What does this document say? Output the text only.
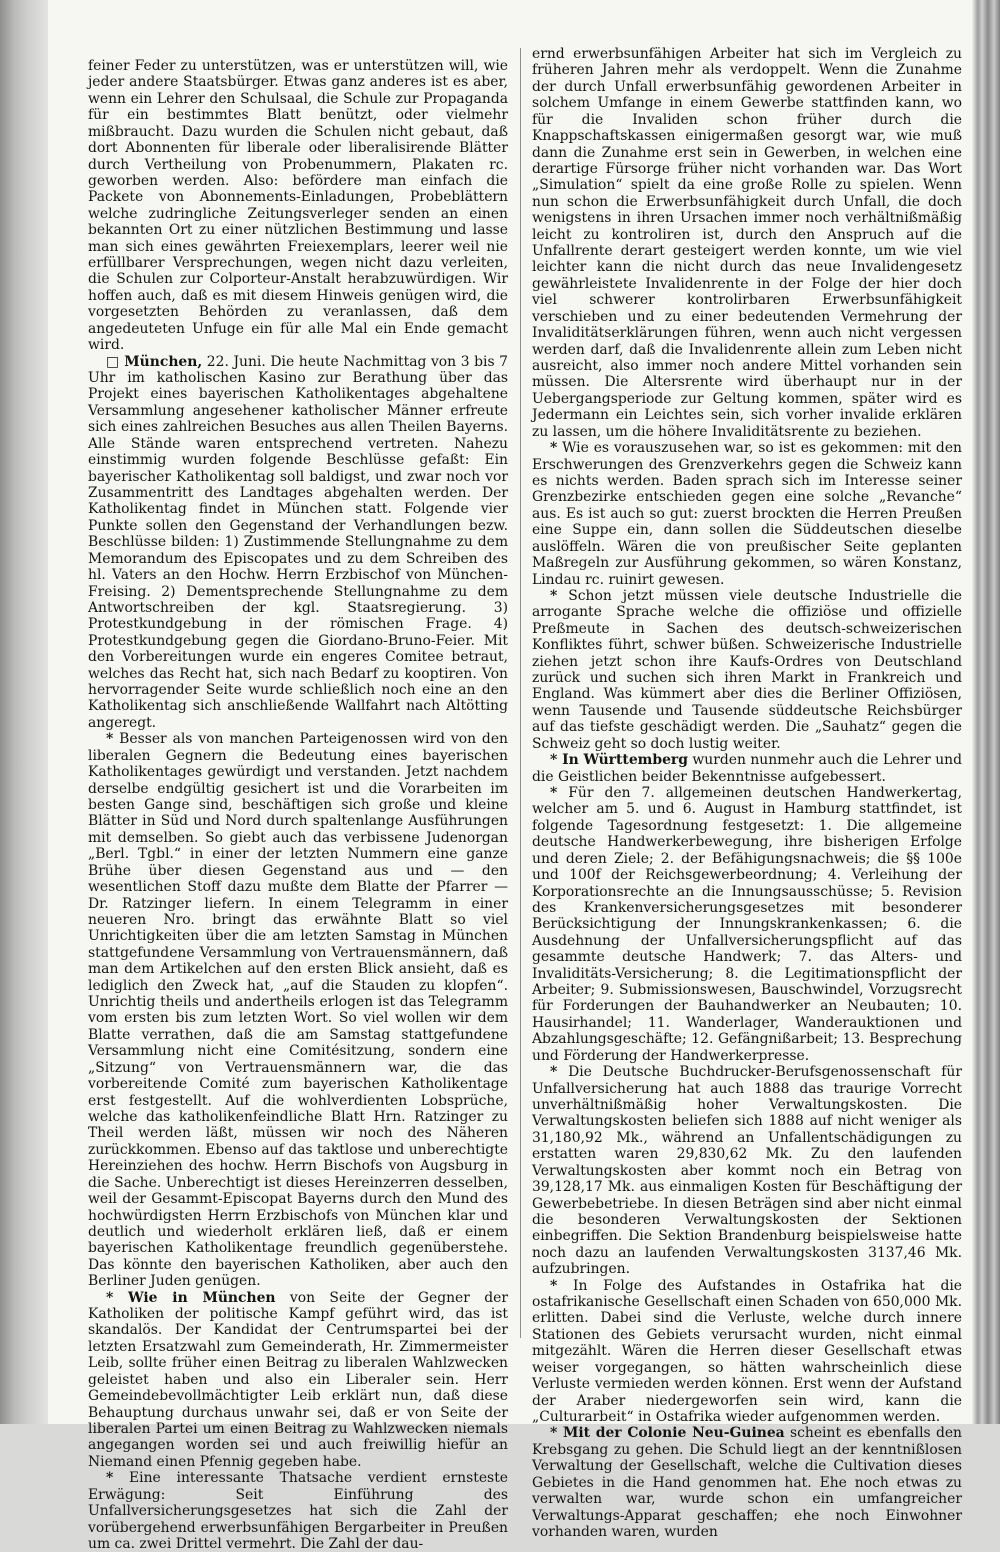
feiner Feder zu unterstützen, was er unterstützen will, wie jeder andere Staatsbürger. Etwas ganz anderes ist es aber, wenn ein Lehrer den Schulsaal, die Schule zur Propaganda für ein bestimmtes Blatt benützt, oder vielmehr mißbraucht. Dazu wurden die Schulen nicht gebaut, daß dort Abonnenten für liberale oder liberalisirende Blätter durch Vertheilung von Probenummern, Plakaten rc. geworben werden. Also: befördere man einfach die Packete von Abonnements-Einladungen, Probeblättern welche zudringliche Zeitungsverleger senden an einen bekannten Ort zu einer nützlichen Bestimmung und lasse man sich eines gewährten Freiexemplars, leerer weil nie erfüllbarer Versprechungen, wegen nicht dazu verleiten, die Schulen zur Colporteur-Anstalt herabzuwürdigen. Wir hoffen auch, daß es mit diesem Hinweis genügen wird, die vorgesetzten Behörden zu veranlassen, daß dem angedeuteten Unfuge ein für alle Mal ein Ende gemacht wird.

□ München, 22. Juni. Die heute Nachmittag von 3 bis 7 Uhr im katholischen Kasino zur Berathung über das Projekt eines bayerischen Katholikentages abgehaltene Versammlung angesehener katholischer Männer erfreute sich eines zahlreichen Besuches aus allen Theilen Bayerns. Alle Stände waren entsprechend vertreten. Nahezu einstimmig wurden folgende Beschlüsse gefaßt: Ein bayerischer Katholikentag soll baldigst, und zwar noch vor Zusammentritt des Landtages abgehalten werden. Der Katholikentag findet in München statt. Folgende vier Punkte sollen den Gegenstand der Verhandlungen bezw. Beschlüsse bilden: 1) Zustimmende Stellungnahme zu dem Memorandum des Episcopates und zu dem Schreiben des hl. Vaters an den Hochw. Herrn Erzbischof von München-Freising. 2) Dementsprechende Stellungnahme zu dem Antwortschreiben der kgl. Staatsregierung. 3) Protestkundgebung in der römischen Frage. 4) Protestkundgebung gegen die Giordano-Bruno-Feier. Mit den Vorbereitungen wurde ein engeres Comitee betraut, welches das Recht hat, sich nach Bedarf zu kooptiren. Von hervorragender Seite wurde schließlich noch eine an den Katholikentag sich anschließende Wallfahrt nach Altötting angeregt.

* Besser als von manchen Parteigenossen wird von den liberalen Gegnern die Bedeutung eines bayerischen Katholikentages gewürdigt und verstanden. Jetzt nachdem derselbe endgültig gesichert ist und die Vorarbeiten im besten Gange sind, beschäftigen sich große und kleine Blätter in Süd und Nord durch spaltenlange Ausführungen mit demselben. So giebt auch das verbissene Judenorgan „Berl. Tgbl.“ in einer der letzten Nummern eine ganze Brühe über diesen Gegenstand aus und — den wesentlichen Stoff dazu mußte dem Blatte der Pfarrer — Dr. Ratzinger liefern. In einem Telegramm in einer neueren Nro. bringt das erwähnte Blatt so viel Unrichtigkeiten über die am letzten Samstag in München stattgefundene Versammlung von Vertrauensmännern, daß man dem Artikelchen auf den ersten Blick ansieht, daß es lediglich den Zweck hat, „auf die Stauden zu klopfen“. Unrichtig theils und andertheils erlogen ist das Telegramm vom ersten bis zum letzten Wort. So viel wollen wir dem Blatte verrathen, daß die am Samstag stattgefundene Versammlung nicht eine Comitésitzung, sondern eine „Sitzung“ von Vertrauensmännern war, die das vorbereitende Comité zum bayerischen Katholikentage erst festgestellt. Auf die wohlverdienten Lobsprüche, welche das katholikenfeindliche Blatt Hrn. Ratzinger zu Theil werden läßt, müssen wir noch des Näheren zurückkommen. Ebenso auf das taktlose und unberechtigte Hereinziehen des hochw. Herrn Bischofs von Augsburg in die Sache. Unberechtigt ist dieses Hereinzerren desselben, weil der Gesammt-Episcopat Bayerns durch den Mund des hochwürdigsten Herrn Erzbischofs von München klar und deutlich und wiederholt erklären ließ, daß er einem bayerischen Katholikentage freundlich gegenüberstehe. Das könnte den bayerischen Katholiken, aber auch den Berliner Juden genügen.

* Wie in München von Seite der Gegner der Katholiken der politische Kampf geführt wird, das ist skandalös. Der Kandidat der Centrumspartei bei der letzten Ersatzwahl zum Gemeinderath, Hr. Zimmermeister Leib, sollte früher einen Beitrag zu liberalen Wahlzwecken geleistet haben und also ein Liberaler sein. Herr Gemeindebevollmächtigter Leib erklärt nun, daß diese Behauptung durchaus unwahr sei, daß er von Seite der liberalen Partei um einen Beitrag zu Wahlzwecken niemals angegangen worden sei und auch freiwillig hiefür an Niemand einen Pfennig gegeben habe.

* Eine interessante Thatsache verdient ernsteste Erwägung: Seit Einführung des Unfallversicherungsgesetzes hat sich die Zahl der vorübergehend erwerbsunfähigen Bergarbeiter in Preußen um ca. zwei Drittel vermehrt. Die Zahl der dau-

ernd erwerbsunfähigen Arbeiter hat sich im Vergleich zu früheren Jahren mehr als verdoppelt. Wenn die Zunahme der durch Unfall erwerbsunfähig gewordenen Arbeiter in solchem Umfange in einem Gewerbe stattfinden kann, wo für die Invaliden schon früher durch die Knappschaftskassen einigermaßen gesorgt war, wie muß dann die Zunahme erst sein in Gewerben, in welchen eine derartige Fürsorge früher nicht vorhanden war. Das Wort „Simulation“ spielt da eine große Rolle zu spielen. Wenn nun schon die Erwerbsunfähigkeit durch Unfall, die doch wenigstens in ihren Ursachen immer noch verhältnißmäßig leicht zu kontroliren ist, durch den Anspruch auf die Unfallrente derart gesteigert werden konnte, um wie viel leichter kann die nicht durch das neue Invalidengesetz gewährleistete Invalidenrente in der Folge der hier doch viel schwerer kontrolirbaren Erwerbsunfähigkeit verschieben und zu einer bedeutenden Vermehrung der Invaliditätserklärungen führen, wenn auch nicht vergessen werden darf, daß die Invalidenrente allein zum Leben nicht ausreicht, also immer noch andere Mittel vorhanden sein müssen. Die Altersrente wird überhaupt nur in der Uebergangsperiode zur Geltung kommen, später wird es Jedermann ein Leichtes sein, sich vorher invalide erklären zu lassen, um die höhere Invaliditätsrente zu beziehen.

* Wie es vorauszusehen war, so ist es gekommen: mit den Erschwerungen des Grenzverkehrs gegen die Schweiz kann es nichts werden. Baden sprach sich im Interesse seiner Grenzbezirke entschieden gegen eine solche „Revanche“ aus. Es ist auch so gut: zuerst brockten die Herren Preußen eine Suppe ein, dann sollen die Süddeutschen dieselbe auslöffeln. Wären die von preußischer Seite geplanten Maßregeln zur Ausführung gekommen, so wären Konstanz, Lindau rc. ruinirt gewesen.

* Schon jetzt müssen viele deutsche Industrielle die arrogante Sprache welche die offiziöse und offizielle Preßmeute in Sachen des deutsch-schweizerischen Konfliktes führt, schwer büßen. Schweizerische Industrielle ziehen jetzt schon ihre Kaufs-Ordres von Deutschland zurück und suchen sich ihren Markt in Frankreich und England. Was kümmert aber dies die Berliner Offiziösen, wenn Tausende und Tausende süddeutsche Reichsbürger auf das tiefste geschädigt werden. Die „Sauhatz“ gegen die Schweiz geht so doch lustig weiter.

* In Württemberg wurden nunmehr auch die Lehrer und die Geistlichen beider Bekenntnisse aufgebessert.

* Für den 7. allgemeinen deutschen Handwerkertag, welcher am 5. und 6. August in Hamburg stattfindet, ist folgende Tagesordnung festgesetzt: 1. Die allgemeine deutsche Handwerkerbewegung, ihre bisherigen Erfolge und deren Ziele; 2. der Befähigungsnachweis; die §§ 100e und 100f der Reichsgewerbeordnung; 4. Verleihung der Korporationsrechte an die Innungsausschüsse; 5. Revision des Krankenversicherungsgesetzes mit besonderer Berücksichtigung der Innungskrankenkassen; 6. die Ausdehnung der Unfallversicherungspflicht auf das gesammte deutsche Handwerk; 7. das Alters- und Invaliditäts-Versicherung; 8. die Legitimationspflicht der Arbeiter; 9. Submissionswesen, Bauschwindel, Vorzugsrecht für Forderungen der Bauhandwerker an Neubauten; 10. Hausirhandel; 11. Wanderlager, Wanderauktionen und Abzahlungsgeschäfte; 12. Gefängnißarbeit; 13. Besprechung und Förderung der Handwerkerpresse.

* Die Deutsche Buchdrucker-Berufsgenossenschaft für Unfallversicherung hat auch 1888 das traurige Vorrecht unverhältnißmäßig hoher Verwaltungskosten. Die Verwaltungskosten beliefen sich 1888 auf nicht weniger als 31,180,92 Mk., während an Unfallentschädigungen zu erstatten waren 29,830,62 Mk. Zu den laufenden Verwaltungskosten aber kommt noch ein Betrag von 39,128,17 Mk. aus einmaligen Kosten für Beschäftigung der Gewerbebetriebe. In diesen Beträgen sind aber nicht einmal die besonderen Verwaltungskosten der Sektionen einbegriffen. Die Sektion Brandenburg beispielsweise hatte noch dazu an laufenden Verwaltungskosten 3137,46 Mk. aufzubringen.

* In Folge des Aufstandes in Ostafrika hat die ostafrikanische Gesellschaft einen Schaden von 650,000 Mk. erlitten. Dabei sind die Verluste, welche durch innere Stationen des Gebiets verursacht wurden, nicht einmal mitgezählt. Wären die Herren dieser Gesellschaft etwas weiser vorgegangen, so hätten wahrscheinlich diese Verluste vermieden werden können. Erst wenn der Aufstand der Araber niedergeworfen sein wird, kann die „Culturarbeit“ in Ostafrika wieder aufgenommen werden.

* Mit der Colonie Neu-Guinea scheint es ebenfalls den Krebsgang zu gehen. Die Schuld liegt an der kenntnißlosen Verwaltung der Gesellschaft, welche die Cultivation dieses Gebietes in die Hand genommen hat. Ehe noch etwas zu verwalten war, wurde schon ein umfangreicher Verwaltungs-Apparat geschaffen; ehe noch Einwohner vorhanden waren, wurden
